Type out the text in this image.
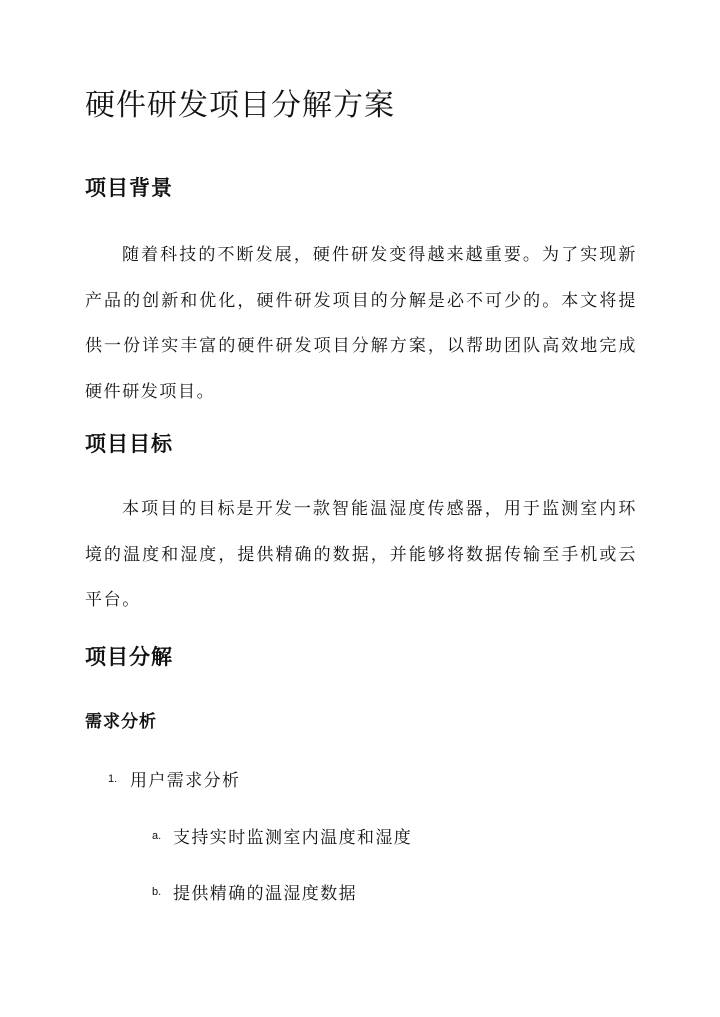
硬件研发项目分解方案
项目背景

随着科技的不断发展，硬件研发变得越来越重要。为了实现新产品的创新和优化，硬件研发项目的分解是必不可少的。本文将提供一份详实丰富的硬件研发项目分解方案，以帮助团队高效地完成硬件研发项目。

项目目标

本项目的目标是开发一款智能温湿度传感器，用于监测室内环境的温度和湿度，提供精确的数据，并能够将数据传输至手机或云平台。

项目分解
需求分析
1. 用户需求分析
a. 支持实时监测室内温度和湿度
b. 提供精确的温湿度数据
